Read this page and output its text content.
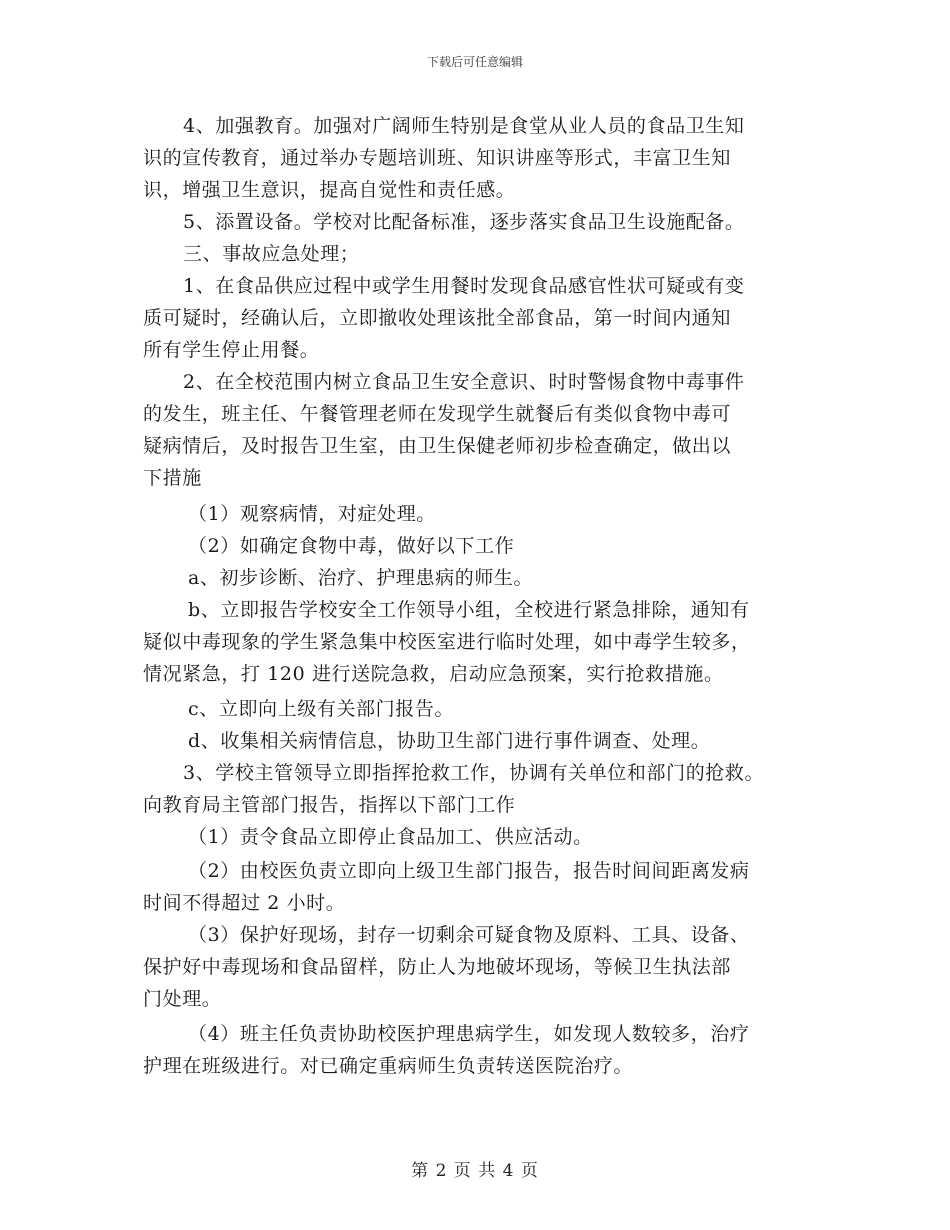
下载后可任意编辑
4、加强教育。加强对广阔师生特别是食堂从业人员的食品卫生知
识的宣传教育，通过举办专题培训班、知识讲座等形式，丰富卫生知
识，增强卫生意识，提高自觉性和责任感。
5、添置设备。学校对比配备标准，逐步落实食品卫生设施配备。
三、事故应急处理；
1、在食品供应过程中或学生用餐时发现食品感官性状可疑或有变
质可疑时，经确认后，立即撤收处理该批全部食品，第一时间内通知
所有学生停止用餐。
2、在全校范围内树立食品卫生安全意识、时时警惕食物中毒事件
的发生，班主任、午餐管理老师在发现学生就餐后有类似食物中毒可
疑病情后，及时报告卫生室，由卫生保健老师初步检查确定，做出以
下措施
（1）观察病情，对症处理。
（2）如确定食物中毒，做好以下工作
a、初步诊断、治疗、护理患病的师生。
b、立即报告学校安全工作领导小组，全校进行紧急排除，通知有
疑似中毒现象的学生紧急集中校医室进行临时处理，如中毒学生较多，
情况紧急，打 120 进行送院急救，启动应急预案，实行抢救措施。
c、立即向上级有关部门报告。
d、收集相关病情信息，协助卫生部门进行事件调查、处理。
3、学校主管领导立即指挥抢救工作，协调有关单位和部门的抢救。
向教育局主管部门报告，指挥以下部门工作
（1）责令食品立即停止食品加工、供应活动。
（2）由校医负责立即向上级卫生部门报告，报告时间间距离发病
时间不得超过 2 小时。
（3）保护好现场，封存一切剩余可疑食物及原料、工具、设备、
保护好中毒现场和食品留样，防止人为地破坏现场，等候卫生执法部
门处理。
（4）班主任负责协助校医护理患病学生，如发现人数较多，治疗
护理在班级进行。对已确定重病师生负责转送医院治疗。
第 2 页 共 4 页
